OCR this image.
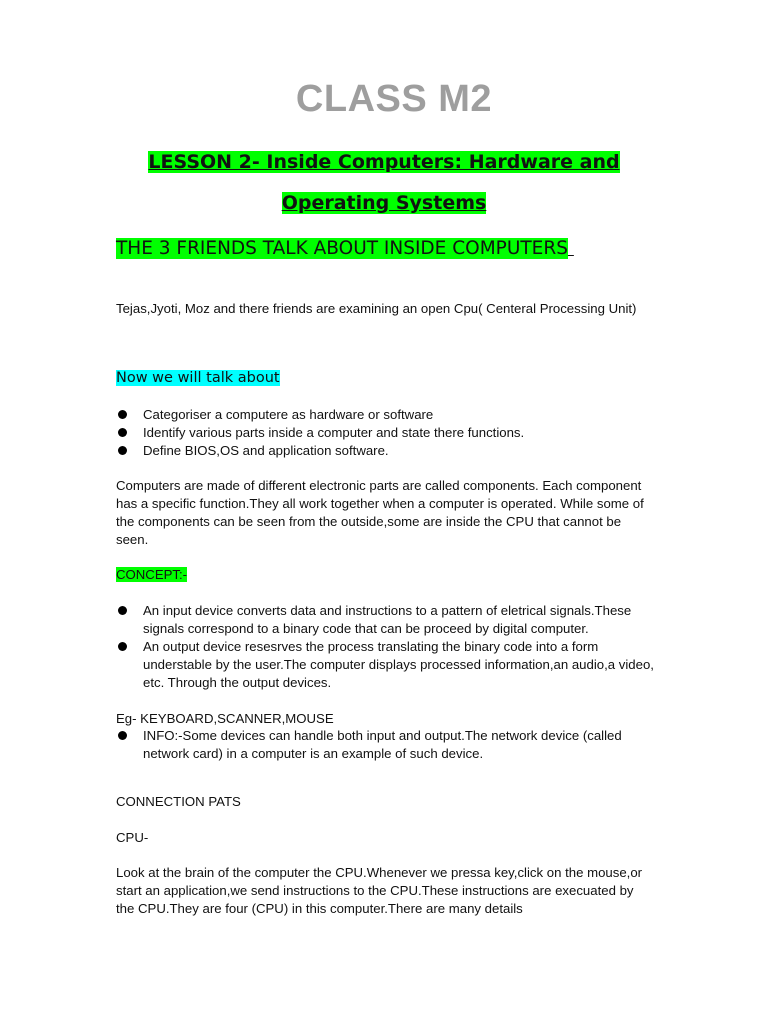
CLASS M2
LESSON 2- Inside Computers: Hardware and Operating Systems
THE 3 FRIENDS TALK ABOUT INSIDE COMPUTERS
Tejas,Jyoti, Moz and there friends are examining an open Cpu( Centeral Processing Unit)
Now we will talk about
Categoriser a computere as hardware or software
Identify various parts inside a computer and state there functions.
Define BIOS,OS and application software.
Computers are made of different electronic parts are called components. Each component has a specific function.They all work together when a computer is operated. While some of the components can be seen from the outside,some are inside the CPU that cannot be seen.
CONCEPT:-
An input device converts data and instructions to a pattern of eletrical signals.These signals correspond to a binary code that can be proceed by digital computer.
An output device resesrves the process translating the binary code into a form understable by the user.The computer displays processed information,an audio,a video, etc. Through the output devices.
Eg- KEYBOARD,SCANNER,MOUSE
INFO:-Some devices can handle both input and output.The network device (called network card) in a computer is an example of such device.
CONNECTION PATS
CPU-
Look at the brain of the computer the CPU.Whenever we pressa key,click on the mouse,or start an application,we send instructions to the CPU.These instructions are execuated by the CPU.They are four (CPU) in this computer.There are many details
